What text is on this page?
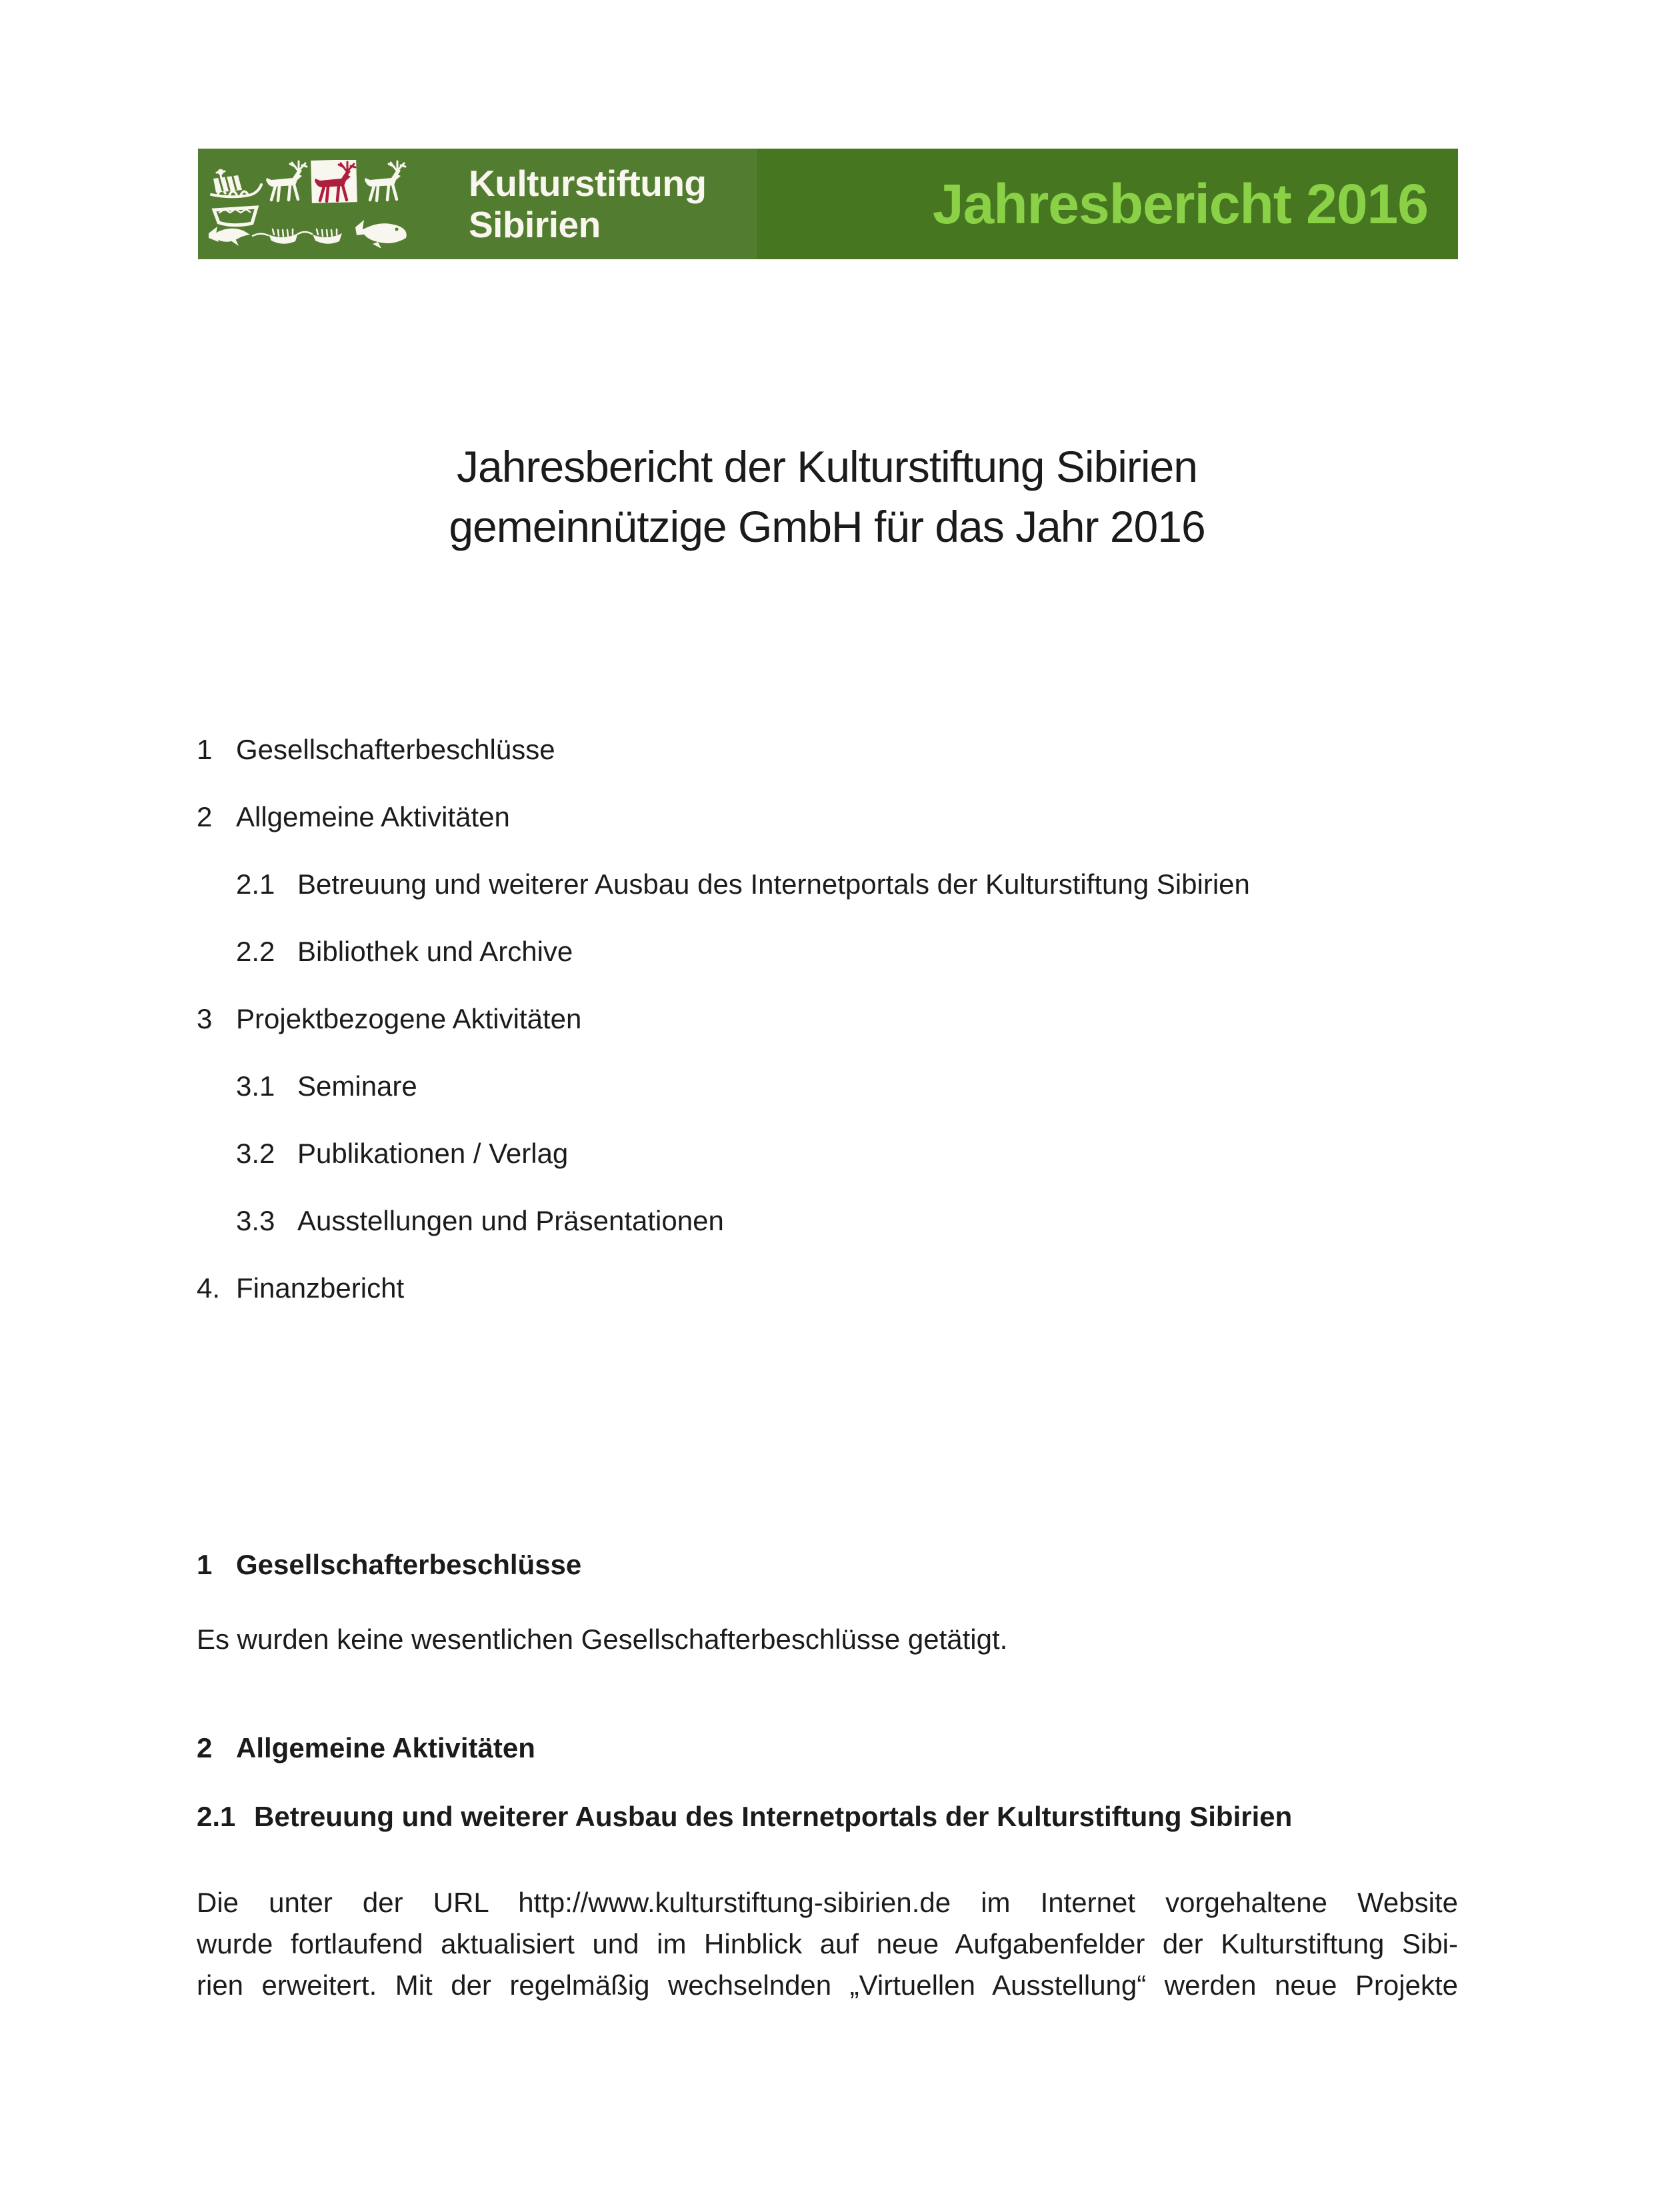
Kulturstiftung
Sibirien	Jahresbericht 2016
Jahresbericht der Kulturstiftung Sibirien
gemeinnützige GmbH für das Jahr 2016
1 Gesellschafterbeschlüsse
2 Allgemeine Aktivitäten
2.1 Betreuung und weiterer Ausbau des Internetportals der Kulturstiftung Sibirien
2.2 Bibliothek und Archive
3 Projektbezogene Aktivitäten
3.1 Seminare
3.2 Publikationen / Verlag
3.3 Ausstellungen und Präsentationen
4. Finanzbericht
1 Gesellschafterbeschlüsse
Es wurden keine wesentlichen Gesellschafterbeschlüsse getätigt.
2 Allgemeine Aktivitäten
2.1 Betreuung und weiterer Ausbau des Internetportals der Kulturstiftung Sibirien
Die unter der URL http://www.kulturstiftung-sibirien.de im Internet vorgehaltene Website
wurde fortlaufend aktualisiert und im Hinblick auf neue Aufgabenfelder der Kulturstiftung Sibi-
rien erweitert. Mit der regelmäßig wechselnden „Virtuellen Ausstellung“ werden neue Projekte
